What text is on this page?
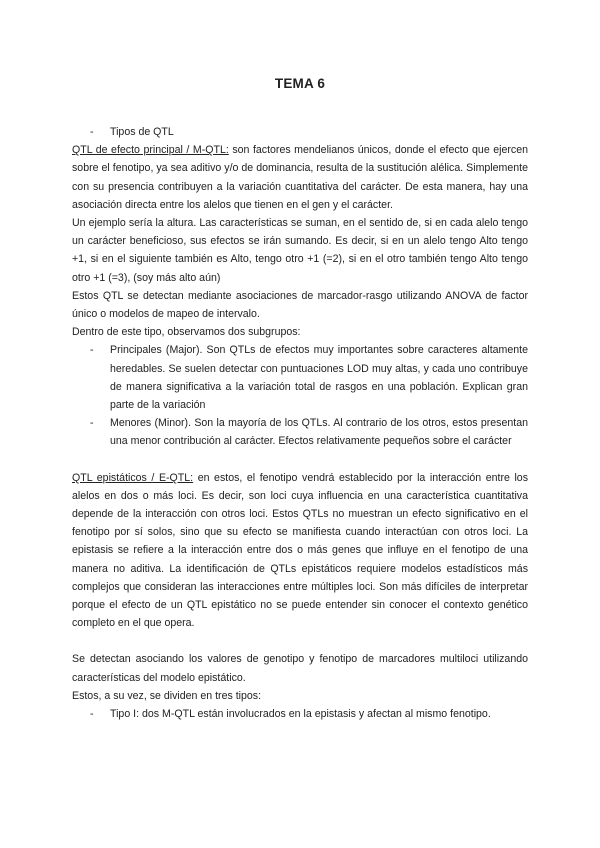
TEMA 6
-	Tipos de QTL

QTL de efecto principal / M-QTL: son factores mendelianos únicos, donde el efecto que ejercen sobre el fenotipo, ya sea aditivo y/o de dominancia, resulta de la sustitución alélica. Simplemente con su presencia contribuyen a la variación cuantitativa del carácter. De esta manera, hay una asociación directa entre los alelos que tienen en el gen y el carácter.

Un ejemplo sería la altura. Las características se suman, en el sentido de, si en cada alelo tengo un carácter beneficioso, sus efectos se irán sumando. Es decir, si en un alelo tengo Alto tengo +1, si en el siguiente también es Alto, tengo otro +1 (=2), si en el otro también tengo Alto tengo otro +1 (=3), (soy más alto aún)

Estos QTL se detectan mediante asociaciones de marcador-rasgo utilizando ANOVA de factor único o modelos de mapeo de intervalo.

Dentro de este tipo, observamos dos subgrupos:

-	Principales (Major). Son QTLs de efectos muy importantes sobre caracteres altamente heredables. Se suelen detectar con puntuaciones LOD muy altas, y cada uno contribuye de manera significativa a la variación total de rasgos en una población. Explican gran parte de la variación
-	Menores (Minor). Son la mayoría de los QTLs. Al contrario de los otros, estos presentan una menor contribución al carácter. Efectos relativamente pequeños sobre el carácter

QTL epistáticos / E-QTL: en estos, el fenotipo vendrá establecido por la interacción entre los alelos en dos o más loci. Es decir, son loci cuya influencia en una característica cuantitativa depende de la interacción con otros loci. Estos QTLs no muestran un efecto significativo en el fenotipo por sí solos, sino que su efecto se manifiesta cuando interactúan con otros loci. La epistasis se refiere a la interacción entre dos o más genes que influye en el fenotipo de una manera no aditiva. La identificación de QTLs epistáticos requiere modelos estadísticos más complejos que consideran las interacciones entre múltiples loci. Son más difíciles de interpretar porque el efecto de un QTL epistático no se puede entender sin conocer el contexto genético completo en el que opera.

Se detectan asociando los valores de genotipo y fenotipo de marcadores multiloci utilizando características del modelo epistático.

Estos, a su vez, se dividen en tres tipos:

-	Tipo I: dos M-QTL están involucrados en la epistasis y afectan al mismo fenotipo.
